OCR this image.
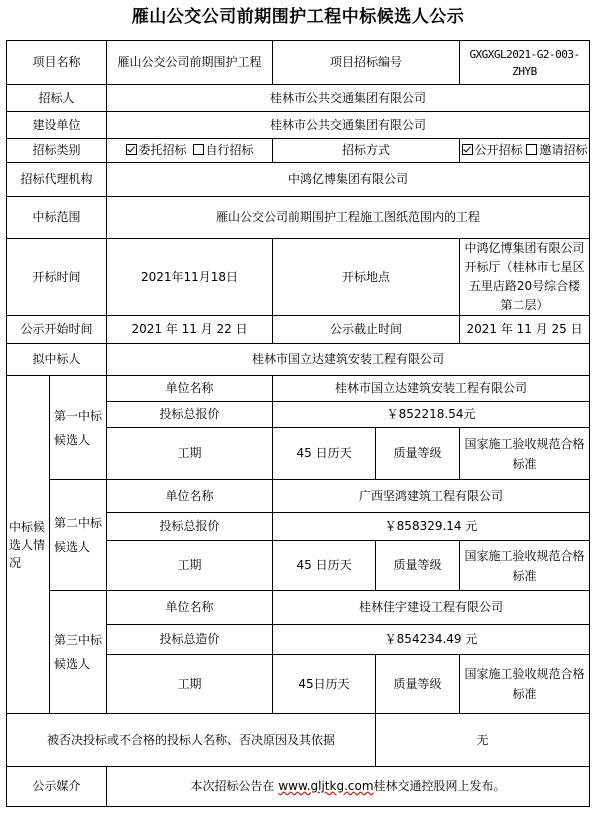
雁山公交公司前期围护工程中标候选人公示
项目名称		雁山公交公司前期围护工程	项目招标编号		GXGXGL2021-G2-003-ZHYB
招标人		桂林市公共交通集团有限公司			
建设单位		桂林市公共交通集团有限公司			
招标类别		委托招标 自行招标	招标方式		公开招标 邀请招标
招标代理机构		中鸿亿博集团有限公司			
中标范围		雁山公交公司前期围护工程施工图纸范围内的工程			
开标时间		2021年11月18日	开标地点		中鸿亿博集团有限公司开标厅（桂林市七星区五里店路20号综合楼第二层）
公示开始时间		2021 年 11 月 22 日	公示截止时间		2021 年 11 月 25 日
拟中标人		桂林市国立达建筑安装工程有限公司			
中标候选人情况	第一中标候选人	单位名称	桂林市国立达建筑安装工程有限公司		
		投标总报价	￥852218.54元		
		工期	45 日历天	质量等级	国家施工验收规范合格标准
	第二中标候选人	单位名称	广西坚鸿建筑工程有限公司		
		投标总报价	￥858329.14 元		
		工期	45 日历天	质量等级	国家施工验收规范合格标准
	第三中标候选人	单位名称	桂林佳宇建设工程有限公司		
		投标总造价	￥854234.49 元		
		工期	45日历天	质量等级	国家施工验收规范合格标准
被否决投标或不合格的投标人名称、否决原因及其依据				无	
公示媒介		本次招标公告在 www.gljtkg.com桂林交通控股网上发布。			
